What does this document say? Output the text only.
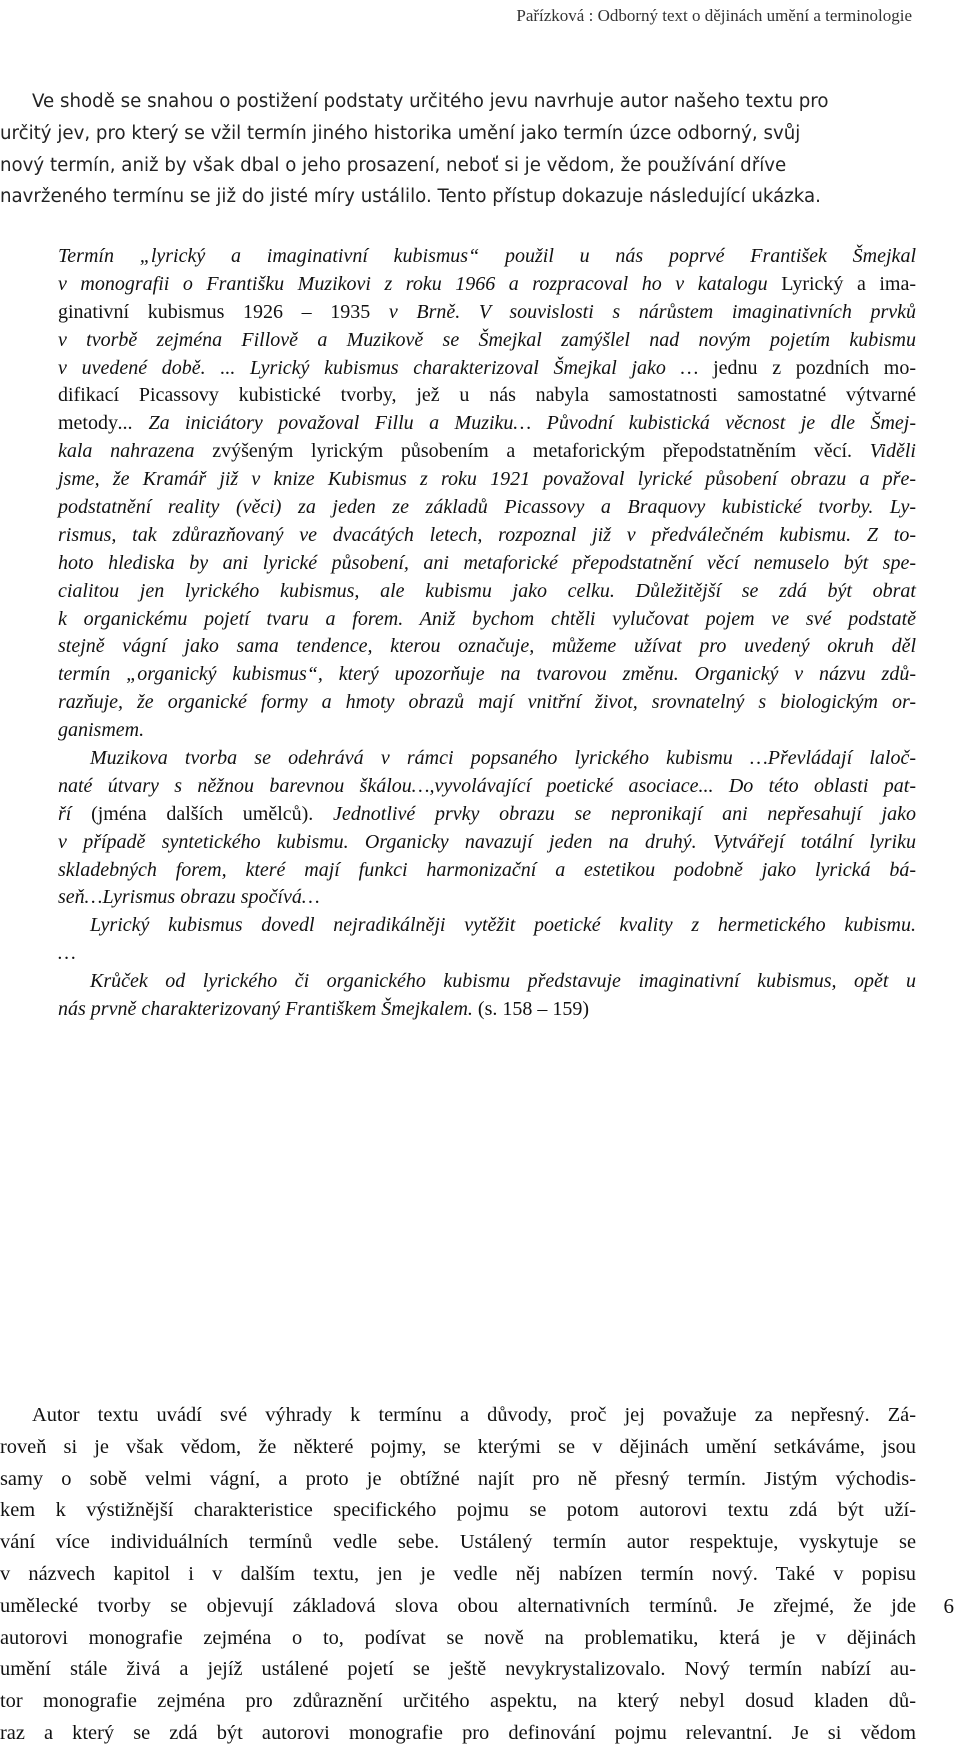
Pařízková : Odborný text o dějinách umění a terminologie
Ve shodě se snahou o postižení podstaty určitého jevu navrhuje autor našeho textu pro
určitý jev, pro který se vžil termín jiného historika umění jako termín úzce odborný, svůj
nový termín, aniž by však dbal o jeho prosazení, neboť si je vědom, že používání dříve
navrženého termínu se již do jisté míry ustálilo. Tento přístup dokazuje následující ukázka.
Termín „lyrický a imaginativní kubismus“ použil u nás poprvé František Šmejkal
v monografii o Františku Muzikovi z roku 1966 a rozpracoval ho v katalogu Lyrický a ima-
ginativní kubismus 1926 – 1935 v Brně. V souvislosti s nárůstem imaginativních prvků
v tvorbě zejména Fillově a Muzikově se Šmejkal zamýšlel nad novým pojetím kubismu
v uvedené době. ... Lyrický kubismus charakterizoval Šmejkal jako … jednu z pozdních mo-
difikací Picassovy kubistické tvorby, jež u nás nabyla samostatnosti samostatné výtvarné
metody... Za iniciátory považoval Fillu a Muziku… Původní kubistická věcnost je dle Šmej-
kala nahrazena zvýšeným lyrickým působením a metaforickým přepodstatněním věcí. Viděli
jsme, že Kramář již v knize Kubismus z roku 1921 považoval lyrické působení obrazu a pře-
podstatnění reality (věci) za jeden ze základů Picassovy a Braquovy kubistické tvorby. Ly-
rismus, tak zdůrazňovaný ve dvacátých letech, rozpoznal již v předválečném kubismu. Z to-
hoto hlediska by ani lyrické působení, ani metaforické přepodstatnění věcí nemuselo být spe-
cialitou jen lyrického kubismus, ale kubismu jako celku. Důležitější se zdá být obrat
k organickému pojetí tvaru a forem. Aniž bychom chtěli vylučovat pojem ve své podstatě
stejně vágní jako sama tendence, kterou označuje, můžeme užívat pro uvedený okruh děl
termín „organický kubismus“, který upozorňuje na tvarovou změnu. Organický v názvu zdů-
razňuje, že organické formy a hmoty obrazů mají vnitřní život, srovnatelný s biologickým or-
ganismem.
Muzikova tvorba se odehrává v rámci popsaného lyrického kubismu …Převládají laloč-
naté útvary s něžnou barevnou škálou…,vyvolávající poetické asociace... Do této oblasti pat-
ří (jména dalších umělců). Jednotlivé prvky obrazu se nepronikají ani nepřesahují jako
v případě syntetického kubismu. Organicky navazují jeden na druhý. Vytvářejí totální lyriku
skladebných forem, které mají funkci harmonizační a estetikou podobně jako lyrická bá-
seň…Lyrismus obrazu spočívá…
Lyrický kubismus dovedl nejradikálněji vytěžit poetické kvality z hermetického kubismu.
…
Krůček od lyrického či organického kubismu představuje imaginativní kubismus, opět u
nás prvně charakterizovaný Františkem Šmejkalem. (s. 158 – 159)
Autor textu uvádí své výhrady k termínu a důvody, proč jej považuje za nepřesný. Zá-
roveň si je však vědom, že některé pojmy, se kterými se v dějinách umění setkáváme, jsou
samy o sobě velmi vágní, a proto je obtížné najít pro ně přesný termín. Jistým východis-
kem k výstižnější charakteristice specifického pojmu se potom autorovi textu zdá být uží-
vání více individuálních termínů vedle sebe. Ustálený termín autor respektuje, vyskytuje se
v názvech kapitol i v dalším textu, jen je vedle něj nabízen termín nový. Také v popisu
umělecké tvorby se objevují základová slova obou alternativních termínů. Je zřejmé, že jde
autorovi monografie zejména o to, podívat se nově na problematiku, která je v dějinách
umění stále živá a jejíž ustálené pojetí se ještě nevykrystalizovalo. Nový termín nabízí au-
tor monografie zejména pro zdůraznění určitého aspektu, na který nebyl dosud kladen dů-
raz a který se zdá být autorovi monografie pro definování pojmu relevantní. Je si vědom
6
